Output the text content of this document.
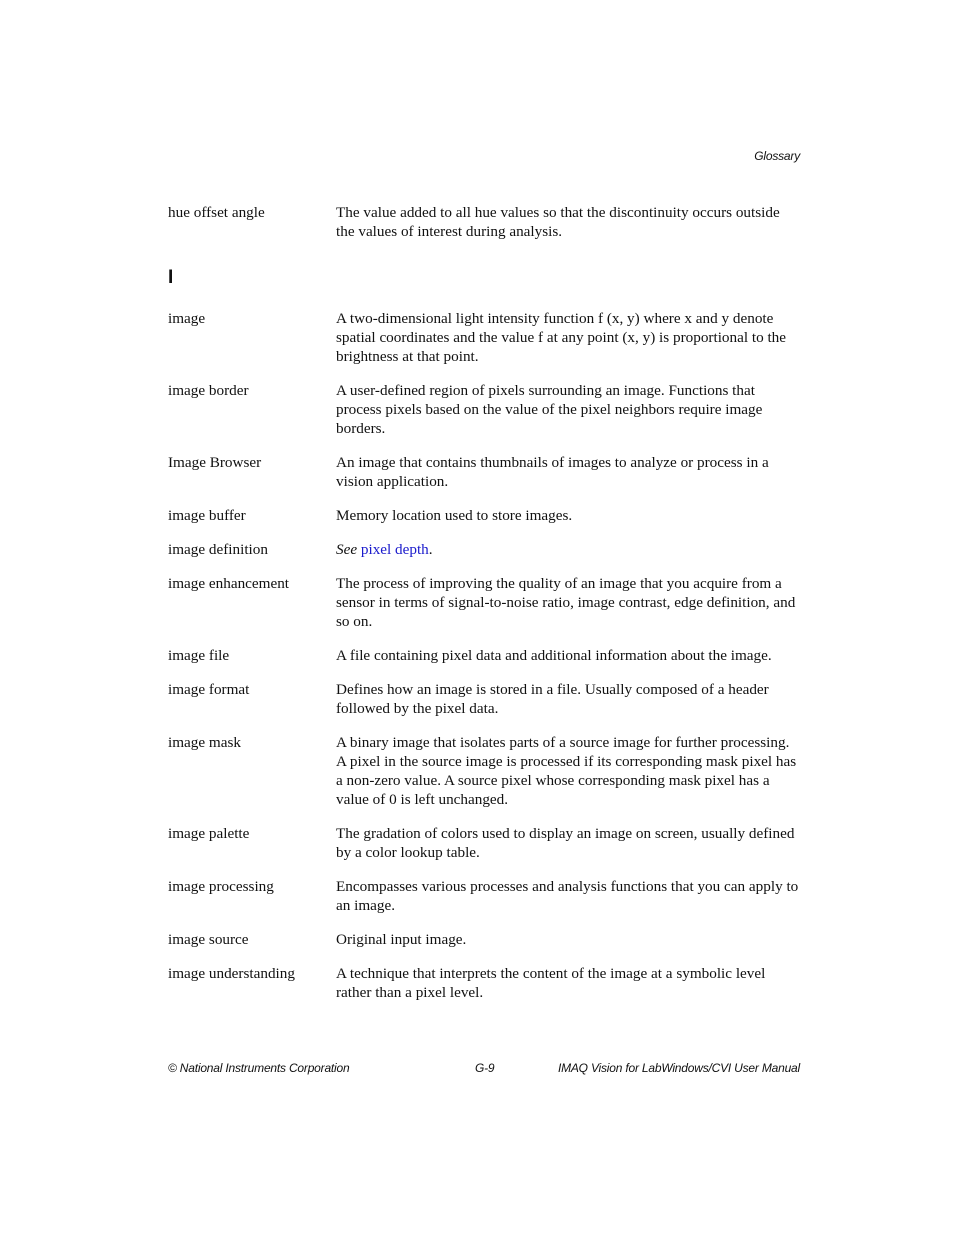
Glossary
hue offset angle	The value added to all hue values so that the discontinuity occurs outside the values of interest during analysis.
I
image	A two-dimensional light intensity function f (x, y) where x and y denote spatial coordinates and the value f at any point (x, y) is proportional to the brightness at that point.
image border	A user-defined region of pixels surrounding an image. Functions that process pixels based on the value of the pixel neighbors require image borders.
Image Browser	An image that contains thumbnails of images to analyze or process in a vision application.
image buffer	Memory location used to store images.
image definition	See pixel depth.
image enhancement	The process of improving the quality of an image that you acquire from a sensor in terms of signal-to-noise ratio, image contrast, edge definition, and so on.
image file	A file containing pixel data and additional information about the image.
image format	Defines how an image is stored in a file. Usually composed of a header followed by the pixel data.
image mask	A binary image that isolates parts of a source image for further processing. A pixel in the source image is processed if its corresponding mask pixel has a non-zero value. A source pixel whose corresponding mask pixel has a value of 0 is left unchanged.
image palette	The gradation of colors used to display an image on screen, usually defined by a color lookup table.
image processing	Encompasses various processes and analysis functions that you can apply to an image.
image source	Original input image.
image understanding	A technique that interprets the content of the image at a symbolic level rather than a pixel level.
© National Instruments Corporation	G-9	IMAQ Vision for LabWindows/CVI User Manual
